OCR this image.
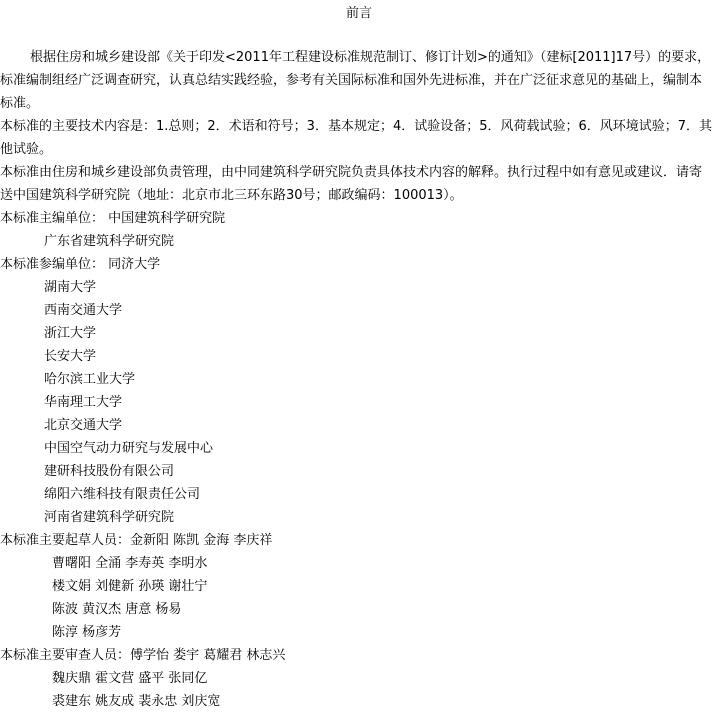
前言

根据住房和城乡建设部《关于印发<2011年工程建设标准规范制订、修订计划>的通知》（建标[2011]17号）的要求，标准编制组经广泛调查研究，认真总结实践经验，参考有关国际标准和国外先进标准，并在广泛征求意见的基础上，编制本标准。

本标准的主要技术内容是：1.总则；2．术语和符号；3．基本规定；4．试验设备；5．风荷载试验；6．风环境试验；7．其他试验。

本标准由住房和城乡建设部负责管理，由中同建筑科学研究院负责具体技术内容的解释。执行过程中如有意见或建议．请寄送中国建筑科学研究院（地址：北京市北三环东路30号；邮政编码：100013）。

本标准主编单位： 中国建筑科学研究院
广东省建筑科学研究院
本标准参编单位： 同济大学
湖南大学
西南交通大学
浙江大学
长安大学
哈尔滨工业大学
华南理工大学
北京交通大学
中国空气动力研究与发展中心
建研科技股份有限公司
绵阳六维科技有限责任公司
河南省建筑科学研究院
本标准主要起草人员：金新阳 陈凯 金海 李庆祥
曹曙阳 全涌 李寿英 李明水
楼文娟 刘健新 孙瑛 谢壮宁
陈波 黄汉杰 唐意 杨易
陈淳 杨彦芳
本标准主要审查人员：傅学怡 娄宇 葛耀君 林志兴
魏庆鼎 霍文营 盛平 张同亿
裘建东 姚友成 裴永忠 刘庆宽
